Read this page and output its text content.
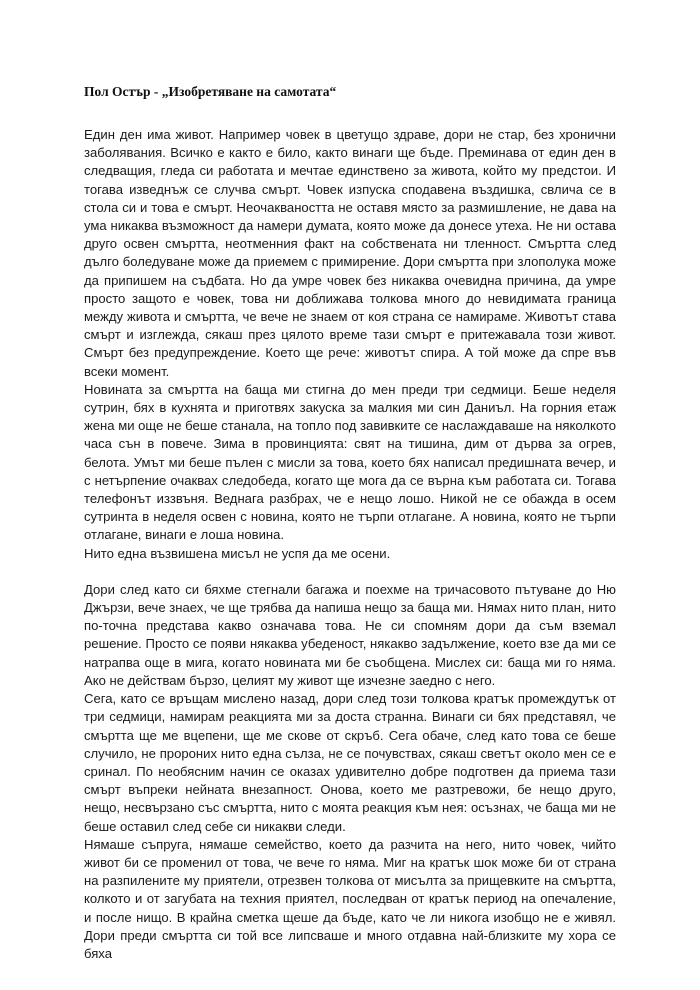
Пол Остър - „Изобретяване на самотата“

Един ден има живот. Например човек в цветущо здраве, дори не стар, без хронични заболявания. Всичко е както е било, както винаги ще бъде. Преминава от един ден в следващия, гледа си работата и мечтае единствено за живота, който му предстои. И тогава изведнъж се случва смърт. Човек изпуска сподавена въздишка, свлича се в стола си и това е смърт. Неочакваността не оставя място за размишление, не дава на ума никаква възможност да намери думата, която може да донесе утеха. Не ни остава друго освен смъртта, неотменния факт на собствената ни тленност. Смъртта след дълго боледуване може да приемем с примирение. Дори смъртта при злополука може да припишем на съдбата. Но да умре човек без никаква очевидна причина, да умре просто защото е човек, това ни доближава толкова много до невидимата граница между живота и смъртта, че вече не знаем от коя страна се намираме. Животът става смърт и изглежда, сякаш през цялото време тази смърт е притежавала този живот. Смърт без предупреждение. Което ще рече: животът спира. А той може да спре във всеки момент.

Новината за смъртта на баща ми стигна до мен преди три седмици. Беше неделя сутрин, бях в кухнята и приготвях закуска за малкия ми син Даниъл. На горния етаж жена ми още не беше станала, на топло под завивките се наслаждаваше на няколкото часа сън в повече. Зима в провинцията: свят на тишина, дим от дърва за огрев, белота. Умът ми беше пълен с мисли за това, което бях написал предишната вечер, и с нетърпение очаквах следобеда, когато ще мога да се върна към работата си. Тогава телефонът иззвъня. Веднага разбрах, че е нещо лошо. Никой не се обажда в осем сутринта в неделя освен с новина, която не търпи отлагане. А новина, която не търпи отлагане, винаги е лоша новина.

Нито една възвишена мисъл не успя да ме осени.

Дори след като си бяхме стегнали багажа и поехме на тричасовото пътуване до Ню Джързи, вече знаех, че ще трябва да напиша нещо за баща ми. Нямах нито план, нито по-точна представа какво означава това. Не си спомням дори да съм вземал решение. Просто се появи някаква убеденост, някакво задължение, което взе да ми се натрапва още в мига, когато новината ми бе съобщена. Мислех си: баща ми го няма. Ако не действам бързо, целият му живот ще изчезне заедно с него.

Сега, като се връщам мислено назад, дори след този толкова кратък промеждутък от три седмици, намирам реакцията ми за доста странна. Винаги си бях представял, че смъртта ще ме вцепени, ще ме скове от скръб. Сега обаче, след като това се беше случило, не пророних нито една сълза, не се почувствах, сякаш светът около мен се е сринал. По необясним начин се оказах удивително добре подготвен да приема тази смърт въпреки нейната внезапност. Онова, което ме разтревожи, бе нещо друго, нещо, несвързано със смъртта, нито с моята реакция към нея: осъзнах, че баща ми не беше оставил след себе си никакви следи.

Нямаше съпруга, нямаше семейство, което да разчита на него, нито човек, чийто живот би се променил от това, че вече го няма. Миг на кратък шок може би от страна на разпилените му приятели, отрезвен толкова от мисълта за прищевките на смъртта, колкото и от загубата на техния приятел, последван от кратък период на опечаление, и после нищо. В крайна сметка щеше да бъде, като че ли никога изобщо не е живял. Дори преди смъртта си той все липсваше и много отдавна най-близките му хора се бяха
